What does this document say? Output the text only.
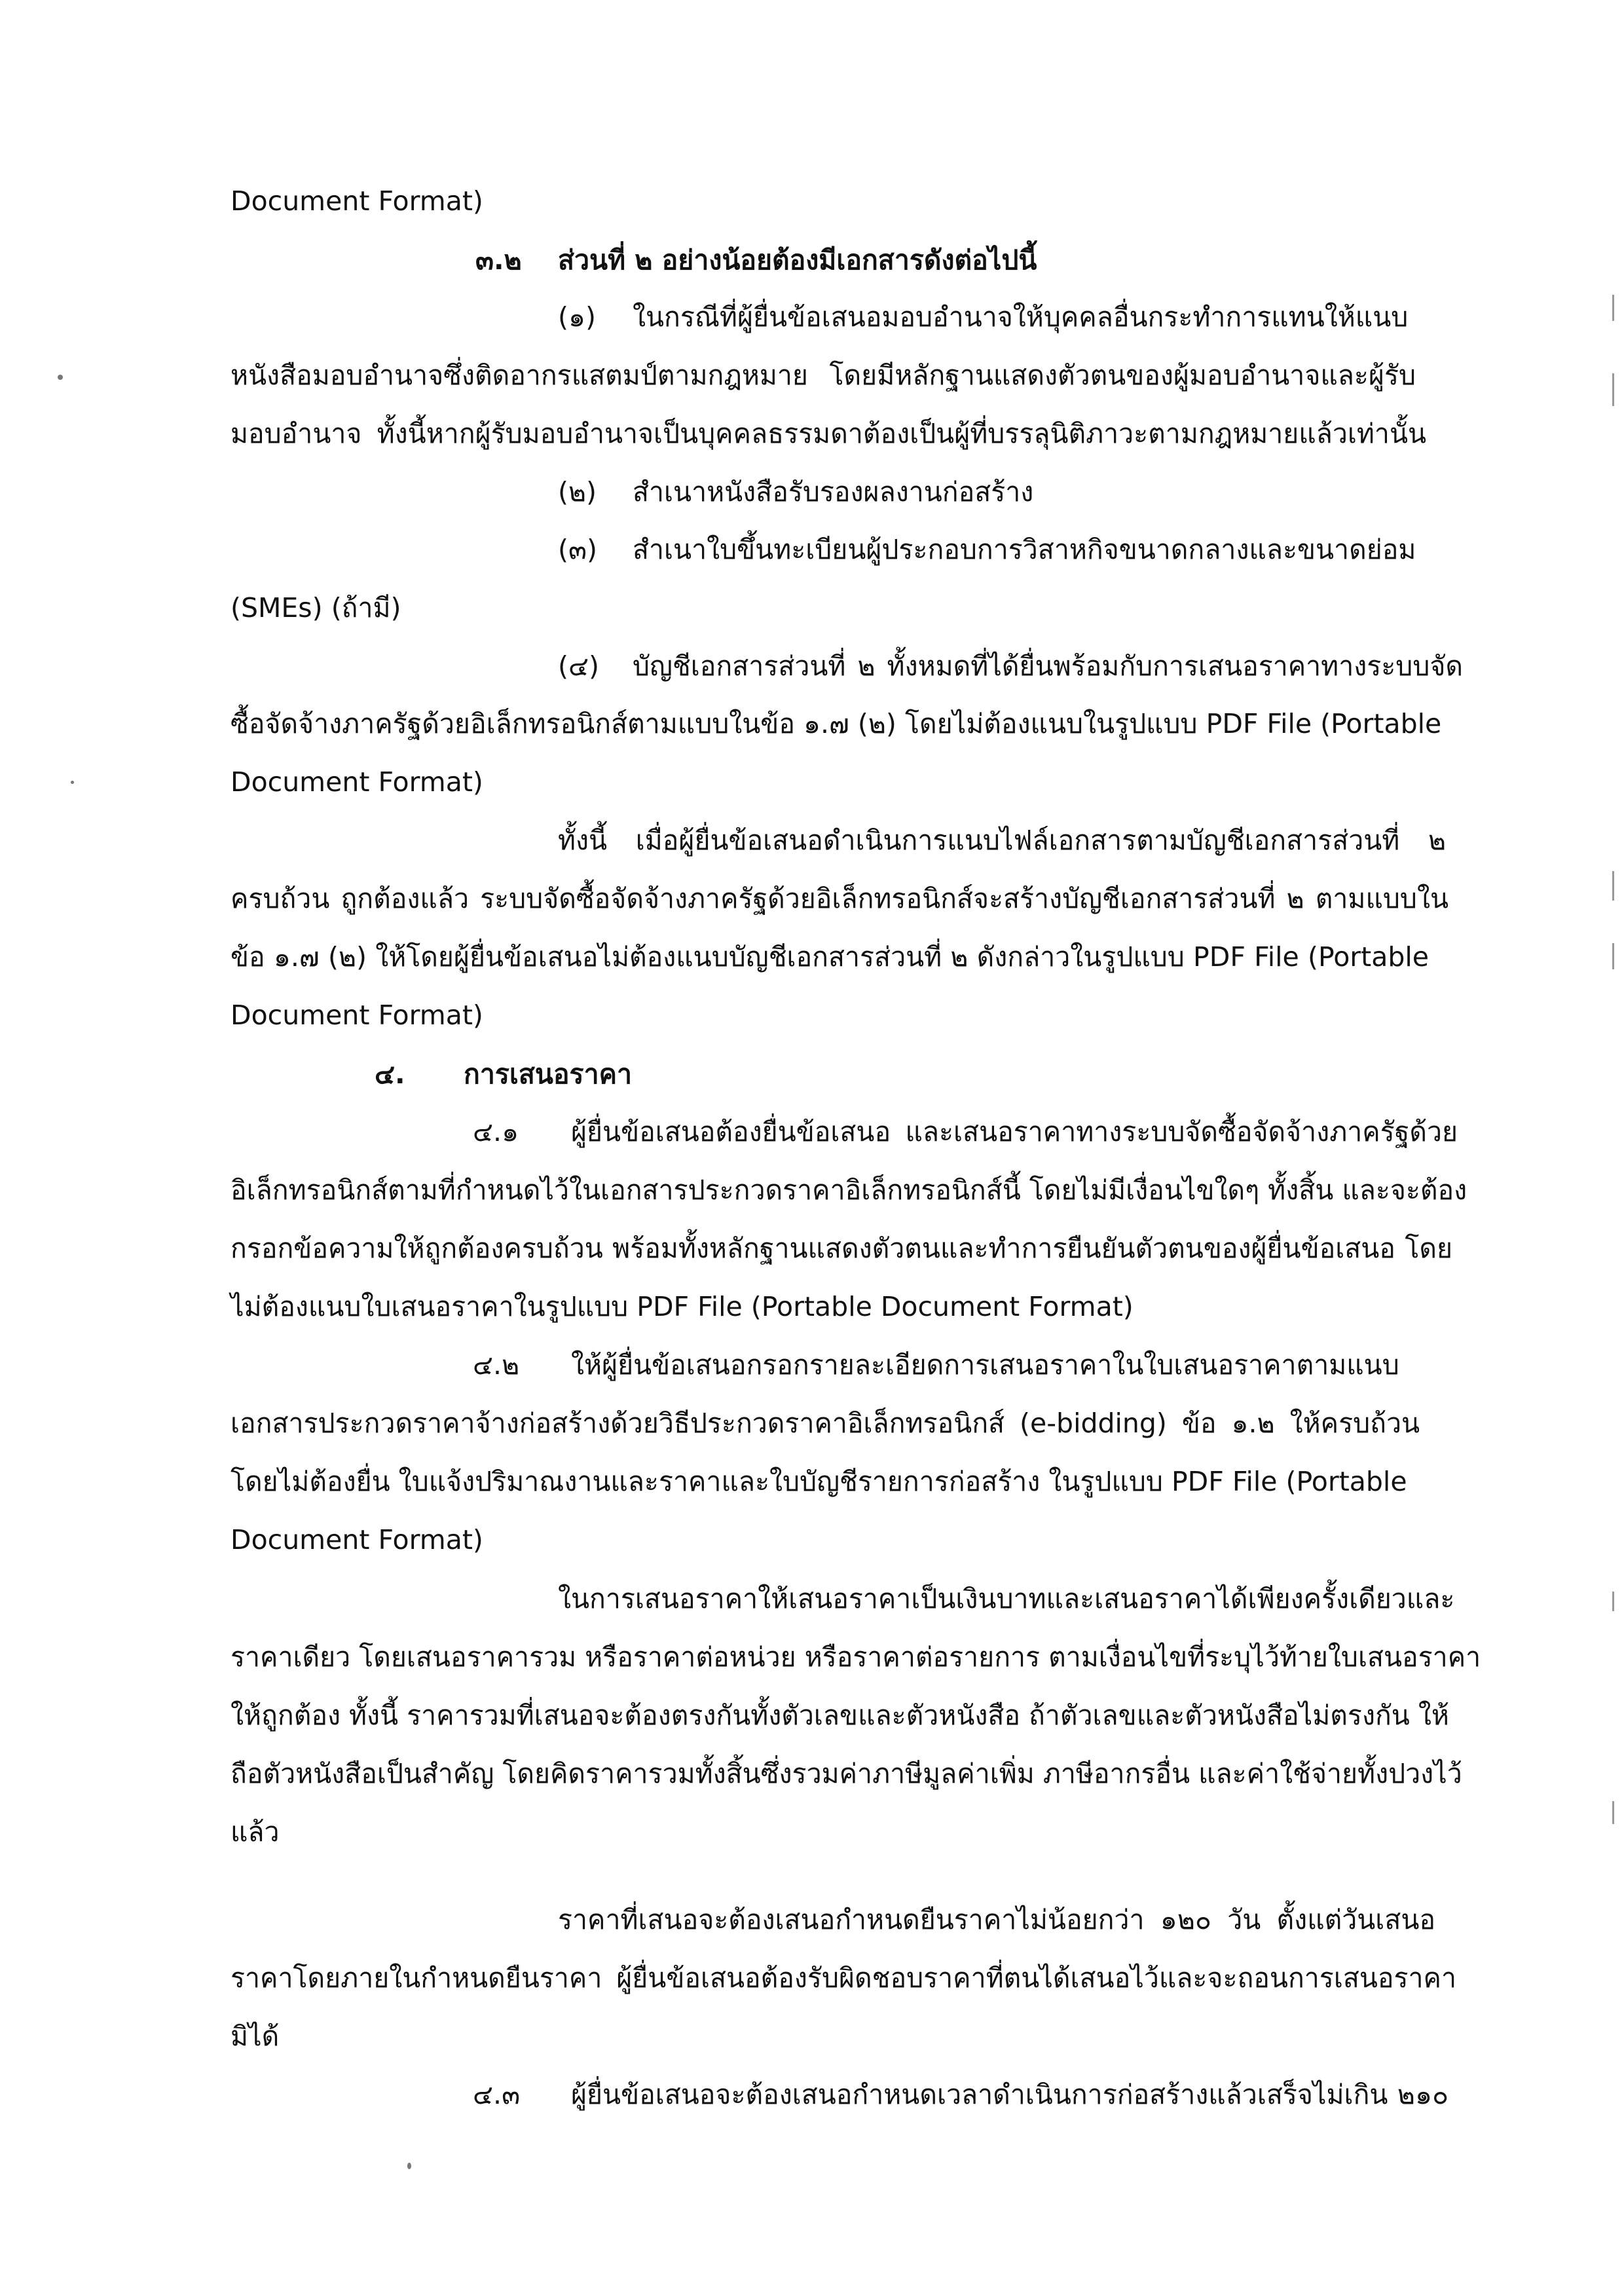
Document Format)
๓.๒ ส่วนที่ ๒ อย่างน้อยต้องมีเอกสารดังต่อไปนี้
(๑) ในกรณีที่ผู้ยื่นข้อเสนอมอบอำนาจให้บุคคลอื่นกระทำการแทนให้แนบ
หนังสือมอบอำนาจซึ่งติดอากรแสตมป์ตามกฎหมาย โดยมีหลักฐานแสดงตัวตนของผู้มอบอำนาจและผู้รับ
มอบอำนาจ ทั้งนี้หากผู้รับมอบอำนาจเป็นบุคคลธรรมดาต้องเป็นผู้ที่บรรลุนิติภาวะตามกฎหมายแล้วเท่านั้น
(๒) สำเนาหนังสือรับรองผลงานก่อสร้าง
(๓) สำเนาใบขึ้นทะเบียนผู้ประกอบการวิสาหกิจขนาดกลางและขนาดย่อม
(SMEs) (ถ้ามี)
(๔) บัญชีเอกสารส่วนที่ ๒ ทั้งหมดที่ได้ยื่นพร้อมกับการเสนอราคาทางระบบจัด
ซื้อจัดจ้างภาครัฐด้วยอิเล็กทรอนิกส์ตามแบบในข้อ ๑.๗ (๒) โดยไม่ต้องแนบในรูปแบบ PDF File (Portable
Document Format)
ทั้งนี้ เมื่อผู้ยื่นข้อเสนอดำเนินการแนบไฟล์เอกสารตามบัญชีเอกสารส่วนที่ ๒
ครบถ้วน ถูกต้องแล้ว ระบบจัดซื้อจัดจ้างภาครัฐด้วยอิเล็กทรอนิกส์จะสร้างบัญชีเอกสารส่วนที่ ๒ ตามแบบใน
ข้อ ๑.๗ (๒) ให้โดยผู้ยื่นข้อเสนอไม่ต้องแนบบัญชีเอกสารส่วนที่ ๒ ดังกล่าวในรูปแบบ PDF File (Portable
Document Format)
๔. การเสนอราคา
๔.๑ ผู้ยื่นข้อเสนอต้องยื่นข้อเสนอ และเสนอราคาทางระบบจัดซื้อจัดจ้างภาครัฐด้วย
อิเล็กทรอนิกส์ตามที่กำหนดไว้ในเอกสารประกวดราคาอิเล็กทรอนิกส์นี้ โดยไม่มีเงื่อนไขใดๆ ทั้งสิ้น และจะต้อง
กรอกข้อความให้ถูกต้องครบถ้วน พร้อมทั้งหลักฐานแสดงตัวตนและทำการยืนยันตัวตนของผู้ยื่นข้อเสนอ โดย
ไม่ต้องแนบใบเสนอราคาในรูปแบบ PDF File (Portable Document Format)
๔.๒ ให้ผู้ยื่นข้อเสนอกรอกรายละเอียดการเสนอราคาในใบเสนอราคาตามแนบ
เอกสารประกวดราคาจ้างก่อสร้างด้วยวิธีประกวดราคาอิเล็กทรอนิกส์ (e-bidding) ข้อ ๑.๒ ให้ครบถ้วน
โดยไม่ต้องยื่น ใบแจ้งปริมาณงานและราคาและใบบัญชีรายการก่อสร้าง ในรูปแบบ PDF File (Portable
Document Format)
ในการเสนอราคาให้เสนอราคาเป็นเงินบาทและเสนอราคาได้เพียงครั้งเดียวและ
ราคาเดียว โดยเสนอราคารวม หรือราคาต่อหน่วย หรือราคาต่อรายการ ตามเงื่อนไขที่ระบุไว้ท้ายใบเสนอราคา
ให้ถูกต้อง ทั้งนี้ ราคารวมที่เสนอจะต้องตรงกันทั้งตัวเลขและตัวหนังสือ ถ้าตัวเลขและตัวหนังสือไม่ตรงกัน ให้
ถือตัวหนังสือเป็นสำคัญ โดยคิดราคารวมทั้งสิ้นซึ่งรวมค่าภาษีมูลค่าเพิ่ม ภาษีอากรอื่น และค่าใช้จ่ายทั้งปวงไว้
แล้ว
ราคาที่เสนอจะต้องเสนอกำหนดยืนราคาไม่น้อยกว่า ๑๒๐ วัน ตั้งแต่วันเสนอ
ราคาโดยภายในกำหนดยืนราคา ผู้ยื่นข้อเสนอต้องรับผิดชอบราคาที่ตนได้เสนอไว้และจะถอนการเสนอราคา
มิได้
๔.๓ ผู้ยื่นข้อเสนอจะต้องเสนอกำหนดเวลาดำเนินการก่อสร้างแล้วเสร็จไม่เกิน ๒๑๐
